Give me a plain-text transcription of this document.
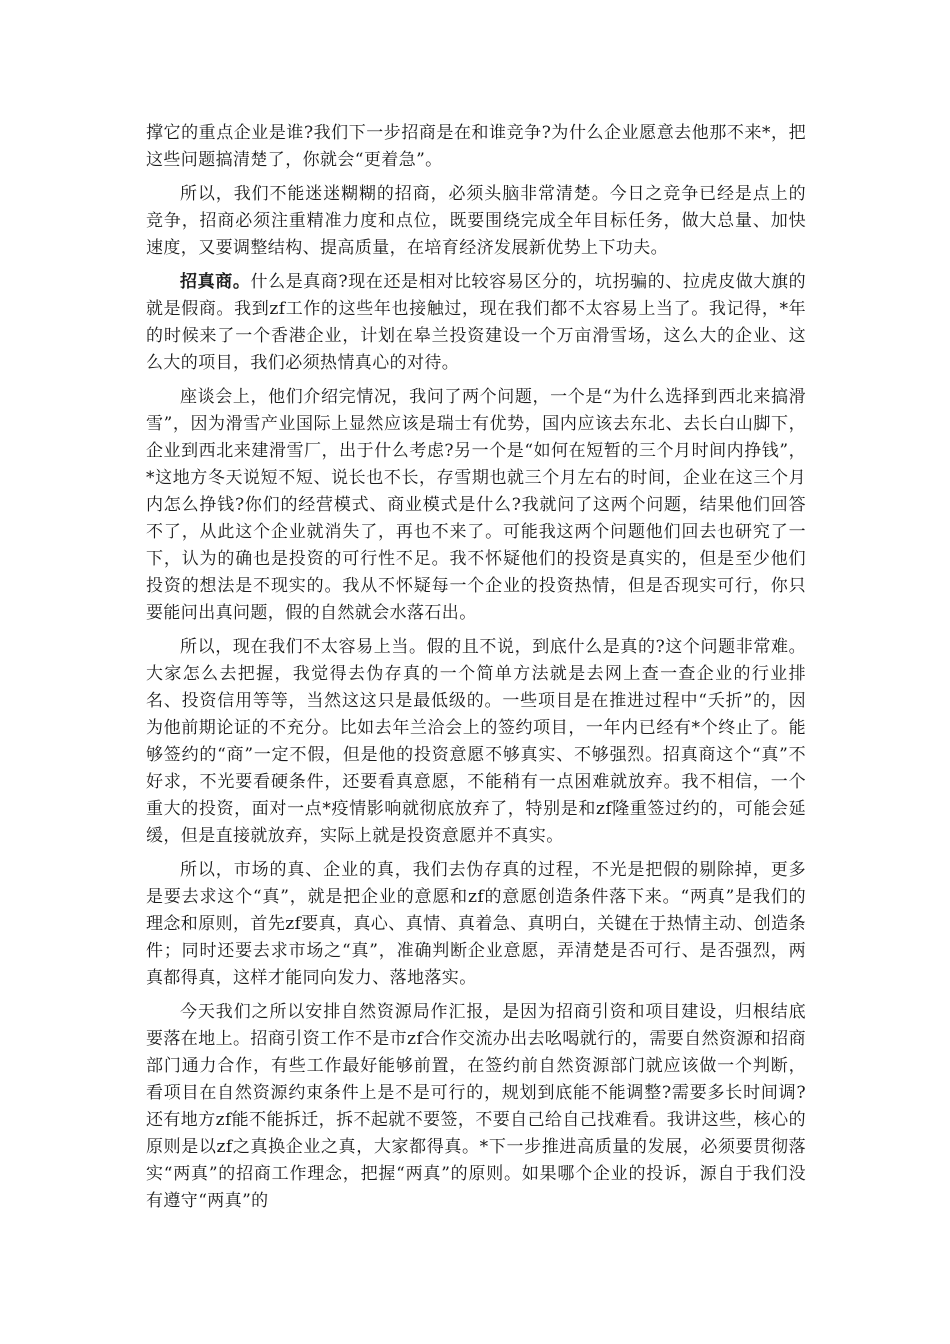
撑它的重点企业是谁?我们下一步招商是在和谁竞争?为什么企业愿意去他那不来*，把这些问题搞清楚了，你就会“更着急”。

所以，我们不能迷迷糊糊的招商，必须头脑非常清楚。今日之竞争已经是点上的竞争，招商必须注重精准力度和点位，既要围绕完成全年目标任务，做大总量、加快速度，又要调整结构、提高质量，在培育经济发展新优势上下功夫。

招真商。什么是真商?现在还是相对比较容易区分的，坑拐骗的、拉虎皮做大旗的就是假商。我到zf工作的这些年也接触过，现在我们都不太容易上当了。我记得，*年的时候来了一个香港企业，计划在皋兰投资建设一个万亩滑雪场，这么大的企业、这么大的项目，我们必须热情真心的对待。

座谈会上，他们介绍完情况，我问了两个问题，一个是“为什么选择到西北来搞滑雪”，因为滑雪产业国际上显然应该是瑞士有优势，国内应该去东北、去长白山脚下，企业到西北来建滑雪厂，出于什么考虑?另一个是“如何在短暂的三个月时间内挣钱”，*这地方冬天说短不短、说长也不长，存雪期也就三个月左右的时间，企业在这三个月内怎么挣钱?你们的经营模式、商业模式是什么?我就问了这两个问题，结果他们回答不了，从此这个企业就消失了，再也不来了。可能我这两个问题他们回去也研究了一下，认为的确也是投资的可行性不足。我不怀疑他们的投资是真实的，但是至少他们投资的想法是不现实的。我从不怀疑每一个企业的投资热情，但是否现实可行，你只要能问出真问题，假的自然就会水落石出。

所以，现在我们不太容易上当。假的且不说，到底什么是真的?这个问题非常难。大家怎么去把握，我觉得去伪存真的一个简单方法就是去网上查一查企业的行业排名、投资信用等等，当然这这只是最低级的。一些项目是在推进过程中“夭折”的，因为他前期论证的不充分。比如去年兰洽会上的签约项目，一年内已经有*个终止了。能够签约的“商”一定不假，但是他的投资意愿不够真实、不够强烈。招真商这个“真”不好求，不光要看硬条件，还要看真意愿，不能稍有一点困难就放弃。我不相信，一个重大的投资，面对一点*疫情影响就彻底放弃了，特别是和zf隆重签过约的，可能会延缓，但是直接就放弃，实际上就是投资意愿并不真实。

所以，市场的真、企业的真，我们去伪存真的过程，不光是把假的剔除掉，更多是要去求这个“真”，就是把企业的意愿和zf的意愿创造条件落下来。“两真”是我们的理念和原则，首先zf要真，真心、真情、真着急、真明白，关键在于热情主动、创造条件；同时还要去求市场之“真”，准确判断企业意愿，弄清楚是否可行、是否强烈，两真都得真，这样才能同向发力、落地落实。

今天我们之所以安排自然资源局作汇报，是因为招商引资和项目建设，归根结底要落在地上。招商引资工作不是市zf合作交流办出去吆喝就行的，需要自然资源和招商部门通力合作，有些工作最好能够前置，在签约前自然资源部门就应该做一个判断，看项目在自然资源约束条件上是不是可行的，规划到底能不能调整?需要多长时间调?还有地方zf能不能拆迁，拆不起就不要签，不要自己给自己找难看。我讲这些，核心的原则是以zf之真换企业之真，大家都得真。*下一步推进高质量的发展，必须要贯彻落实“两真”的招商工作理念，把握“两真”的原则。如果哪个企业的投诉，源自于我们没有遵守“两真”的
